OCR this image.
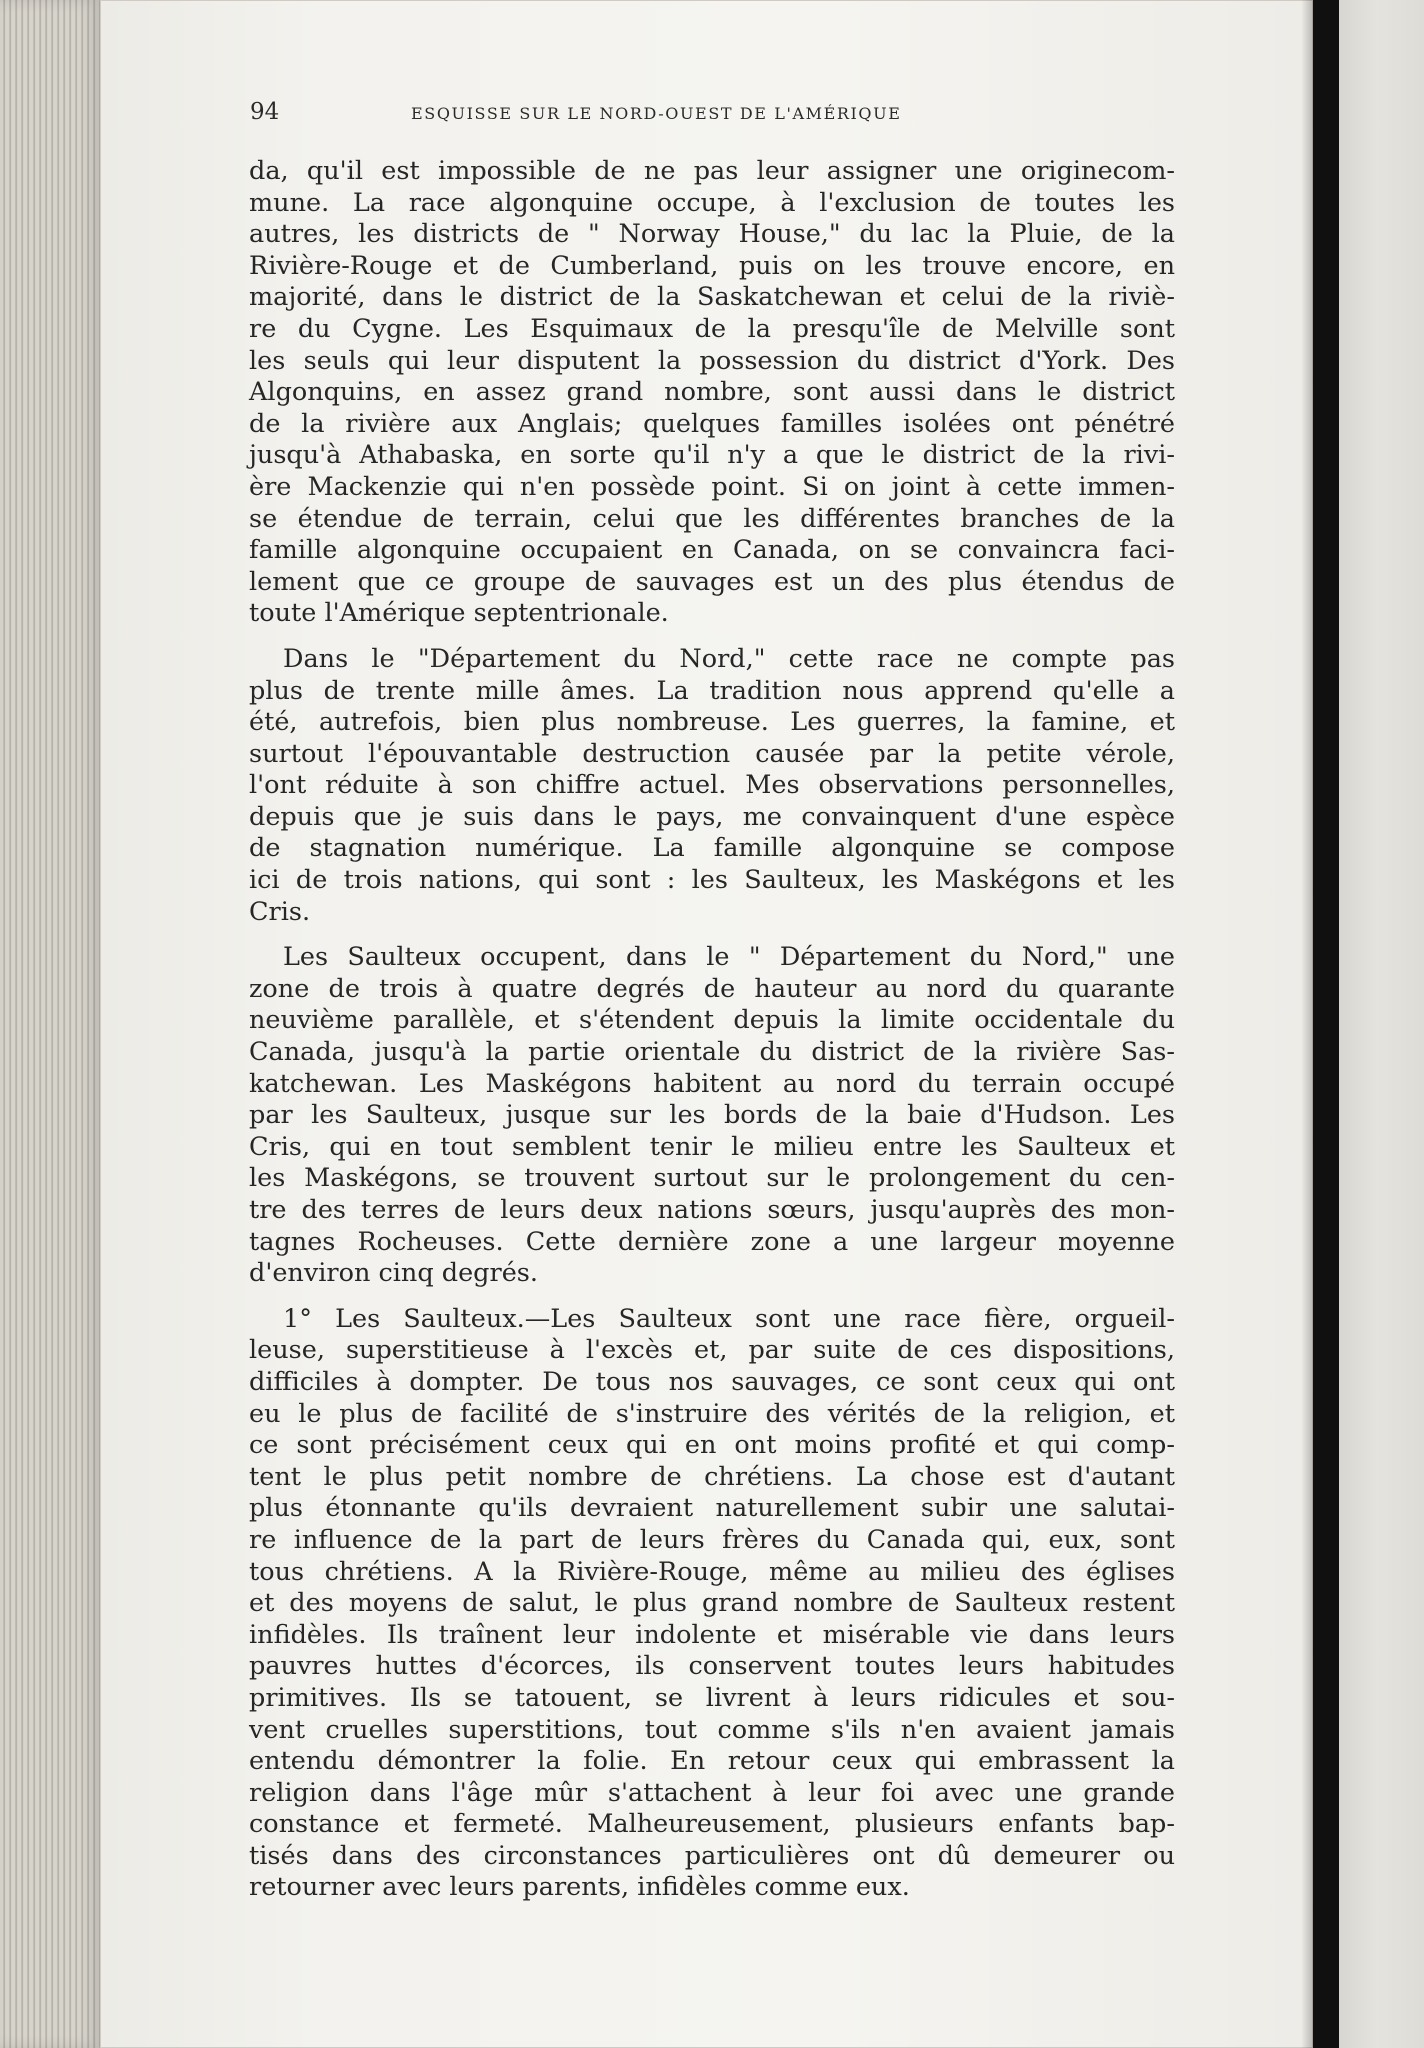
94	ESQUISSE SUR LE NORD-OUEST DE L'AMÉRIQUE

da, qu'il est impossible de ne pas leur assigner une originecom-
mune. La race algonquine occupe, à l'exclusion de toutes les
autres, les districts de " Norway House," du lac la Pluie, de la
Rivière-Rouge et de Cumberland, puis on les trouve encore, en
majorité, dans le district de la Saskatchewan et celui de la riviè-
re du Cygne. Les Esquimaux de la presqu'île de Melville sont
les seuls qui leur disputent la possession du district d'York. Des
Algonquins, en assez grand nombre, sont aussi dans le district
de la rivière aux Anglais; quelques familles isolées ont pénétré
jusqu'à Athabaska, en sorte qu'il n'y a que le district de la rivi-
ère Mackenzie qui n'en possède point. Si on joint à cette immen-
se étendue de terrain, celui que les différentes branches de la
famille algonquine occupaient en Canada, on se convaincra faci-
lement que ce groupe de sauvages est un des plus étendus de
toute l'Amérique septentrionale.

Dans le "Département du Nord," cette race ne compte pas
plus de trente mille âmes. La tradition nous apprend qu'elle a
été, autrefois, bien plus nombreuse. Les guerres, la famine, et
surtout l'épouvantable destruction causée par la petite vérole,
l'ont réduite à son chiffre actuel. Mes observations personnelles,
depuis que je suis dans le pays, me convainquent d'une espèce
de stagnation numérique. La famille algonquine se compose
ici de trois nations, qui sont : les Saulteux, les Maskégons et les
Cris.

Les Saulteux occupent, dans le " Département du Nord," une
zone de trois à quatre degrés de hauteur au nord du quarante
neuvième parallèle, et s'étendent depuis la limite occidentale du
Canada, jusqu'à la partie orientale du district de la rivière Sas-
katchewan. Les Maskégons habitent au nord du terrain occupé
par les Saulteux, jusque sur les bords de la baie d'Hudson. Les
Cris, qui en tout semblent tenir le milieu entre les Saulteux et
les Maskégons, se trouvent surtout sur le prolongement du cen-
tre des terres de leurs deux nations sœurs, jusqu'auprès des mon-
tagnes Rocheuses. Cette dernière zone a une largeur moyenne
d'environ cinq degrés.

1° Les Saulteux.—Les Saulteux sont une race fière, orgueil-
leuse, superstitieuse à l'excès et, par suite de ces dispositions,
difficiles à dompter. De tous nos sauvages, ce sont ceux qui ont
eu le plus de facilité de s'instruire des vérités de la religion, et
ce sont précisément ceux qui en ont moins profité et qui comp-
tent le plus petit nombre de chrétiens. La chose est d'autant
plus étonnante qu'ils devraient naturellement subir une salutai-
re influence de la part de leurs frères du Canada qui, eux, sont
tous chrétiens. A la Rivière-Rouge, même au milieu des églises
et des moyens de salut, le plus grand nombre de Saulteux restent
infidèles. Ils traînent leur indolente et misérable vie dans leurs
pauvres huttes d'écorces, ils conservent toutes leurs habitudes
primitives. Ils se tatouent, se livrent à leurs ridicules et sou-
vent cruelles superstitions, tout comme s'ils n'en avaient jamais
entendu démontrer la folie. En retour ceux qui embrassent la
religion dans l'âge mûr s'attachent à leur foi avec une grande
constance et fermeté. Malheureusement, plusieurs enfants bap-
tisés dans des circonstances particulières ont dû demeurer ou
retourner avec leurs parents, infidèles comme eux.
